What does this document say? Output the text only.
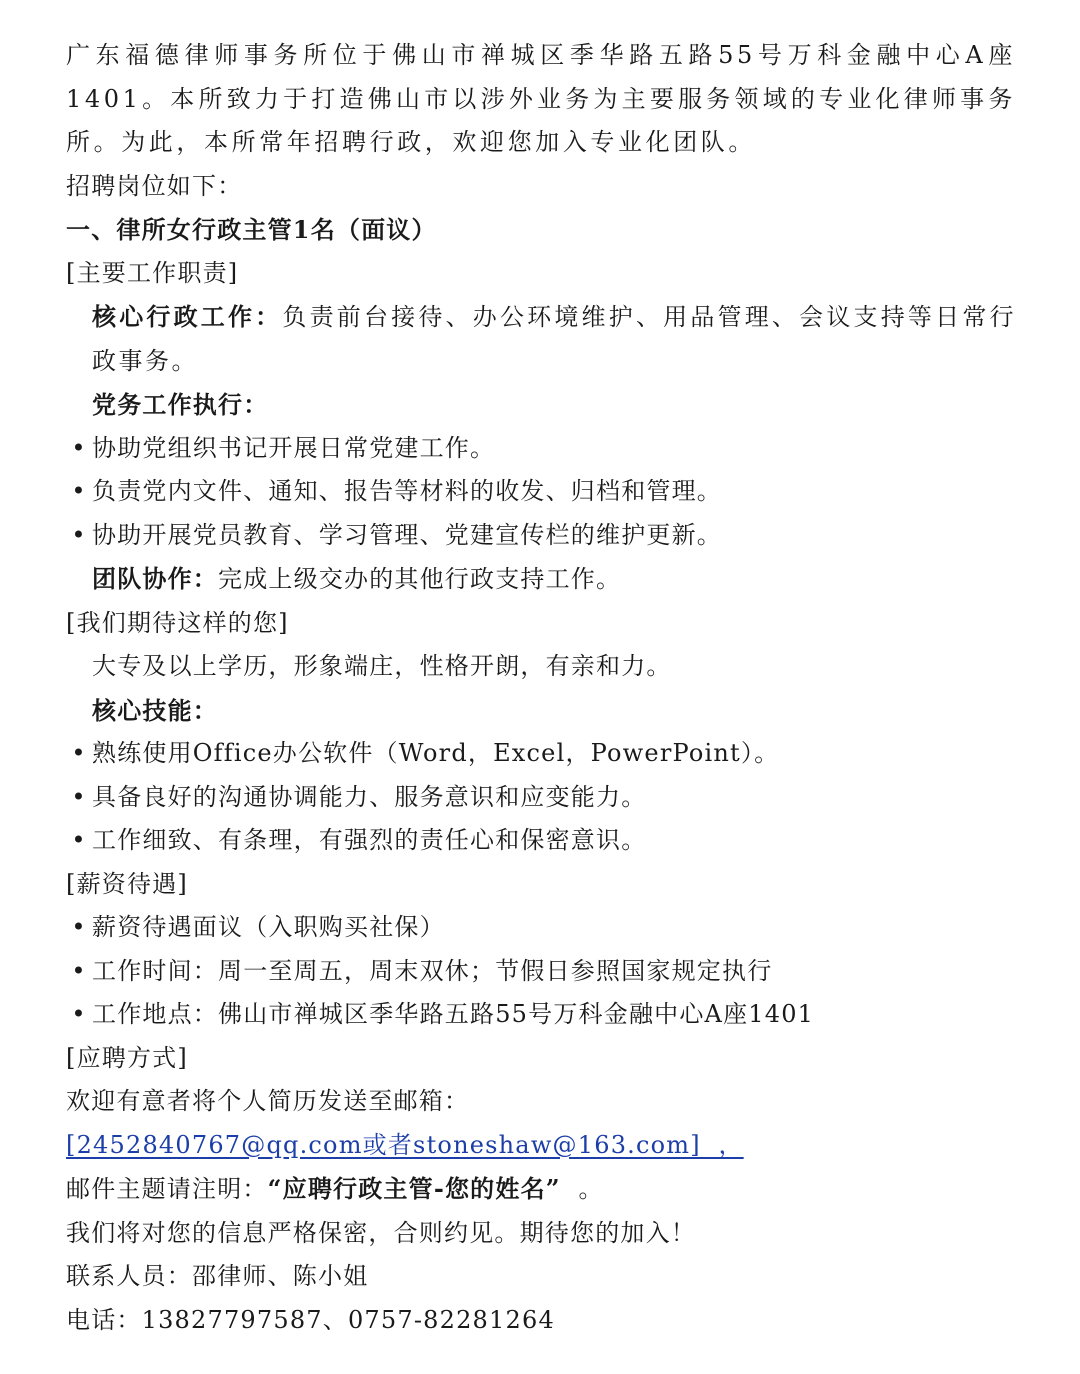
广东福德律师事务所位于佛山市禅城区季华路五路55号万科金融中心A座1401。本所致力于打造佛山市以涉外业务为主要服务领域的专业化律师事务所。为此，本所常年招聘行政，欢迎您加入专业化团队。
招聘岗位如下：
一、律所女行政主管1名（面议）
[主要工作职责]
核心行政工作：负责前台接待、办公环境维护、用品管理、会议支持等日常行政事务。
党务工作执行：
• 协助党组织书记开展日常党建工作。
• 负责党内文件、通知、报告等材料的收发、归档和管理。
• 协助开展党员教育、学习管理、党建宣传栏的维护更新。
团队协作：完成上级交办的其他行政支持工作。
[我们期待这样的您]
大专及以上学历，形象端庄，性格开朗，有亲和力。
核心技能：
• 熟练使用Office办公软件（Word，Excel，PowerPoint）。
• 具备良好的沟通协调能力、服务意识和应变能力。
• 工作细致、有条理，有强烈的责任心和保密意识。
[薪资待遇]
• 薪资待遇面议（入职购买社保）
• 工作时间：周一至周五，周末双休；节假日参照国家规定执行
• 工作地点：佛山市禅城区季华路五路55号万科金融中心A座1401
[应聘方式]
欢迎有意者将个人简历发送至邮箱：
[2452840767@qq.com或者stoneshaw@163.com]  ，
邮件主题请注明：“应聘行政主管-您的姓名”  。
我们将对您的信息严格保密，合则约见。期待您的加入！
联系人员：邵律师、陈小姐
电话：13827797587、0757-82281264
